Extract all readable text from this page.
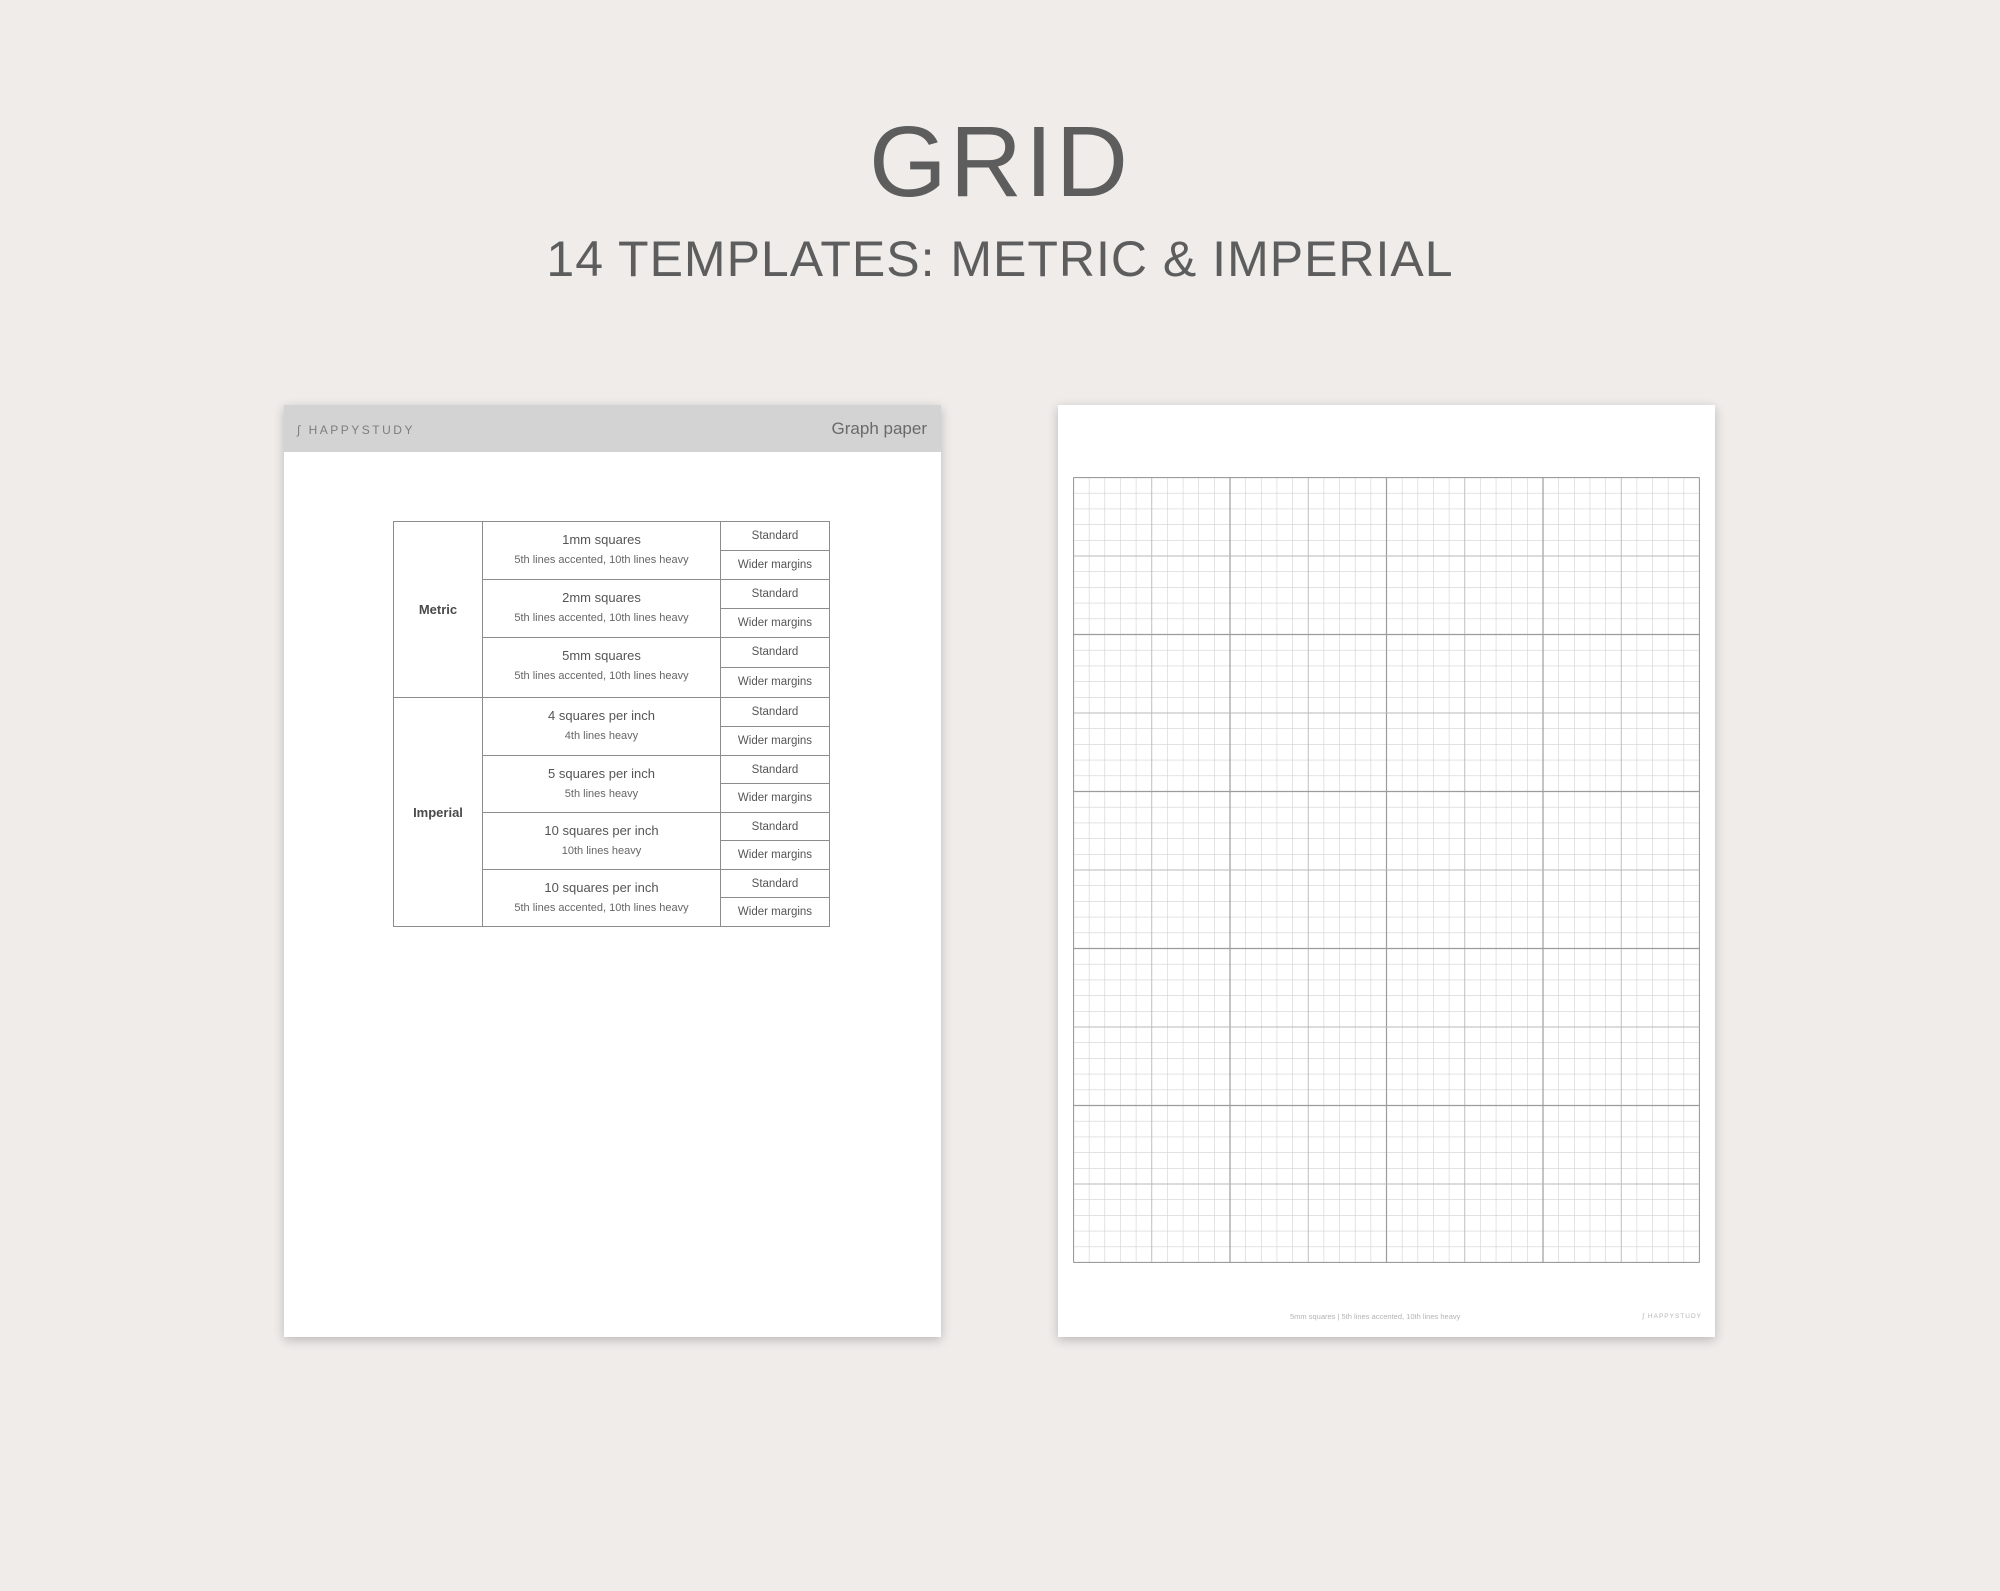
GRID
14 TEMPLATES: METRIC & IMPERIAL
∫ HAPPYSTUDY	Graph paper
Metric
Imperial
1mm squares
5th lines accented, 10th lines heavy
Standard
Wider margins
2mm squares
5th lines accented, 10th lines heavy
Standard
Wider margins
5mm squares
5th lines accented, 10th lines heavy
Standard
Wider margins
4 squares per inch
4th lines heavy
Standard
Wider margins
5 squares per inch
5th lines heavy
Standard
Wider margins
10 squares per inch
10th lines heavy
Standard
Wider margins
10 squares per inch
5th lines accented, 10th lines heavy
Standard
Wider margins
5mm squares | 5th lines accented, 10th lines heavy	∫ HAPPYSTUDY
